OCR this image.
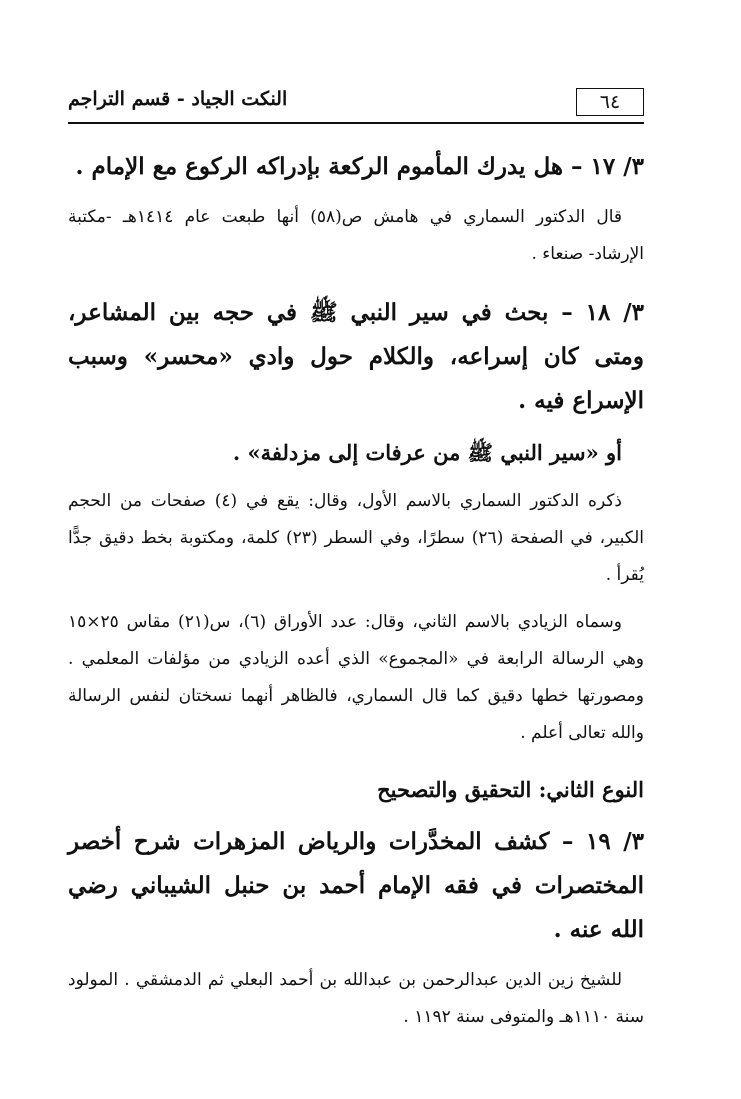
٦٤
النكت الجياد - قسم التراجم

٣/ ١٧ – هل يدرك المأموم الركعة بإدراكه الركوع مع الإمام .

قال الدكتور السماري في هامش ص(٥٨) أنها طبعت عام ١٤١٤هـ -مكتبة الإرشاد- صنعاء .

٣/ ١٨ – بحث في سير النبي ﷺ في حجه بين المشاعر، ومتى كان إسراعه، والكلام حول وادي «محسر» وسبب الإسراع فيه .

أو «سير النبي ﷺ من عرفات إلى مزدلفة» .

ذكره الدكتور السماري بالاسم الأول، وقال: يقع في (٤) صفحات من الحجم الكبير، في الصفحة (٢٦) سطرًا، وفي السطر (٢٣) كلمة، ومكتوبة بخط دقيق جدًّا يُقرأ .

وسماه الزيادي بالاسم الثاني، وقال: عدد الأوراق (٦)، س(٢١) مقاس ٢٥×١٥ وهي الرسالة الرابعة في «المجموع» الذي أعده الزيادي من مؤلفات المعلمي . ومصورتها خطها دقيق كما قال السماري، فالظاهر أنهما نسختان لنفس الرسالة والله تعالى أعلم .

النوع الثاني: التحقيق والتصحيح

٣/ ١٩ – كشف المخدَّرات والرياض المزهرات شرح أخصر المختصرات في فقه الإمام أحمد بن حنبل الشيباني رضي الله عنه .

للشيخ زين الدين عبدالرحمن بن عبدالله بن أحمد البعلي ثم الدمشقي . المولود سنة ١١١٠هـ والمتوفى سنة ١١٩٢ .
